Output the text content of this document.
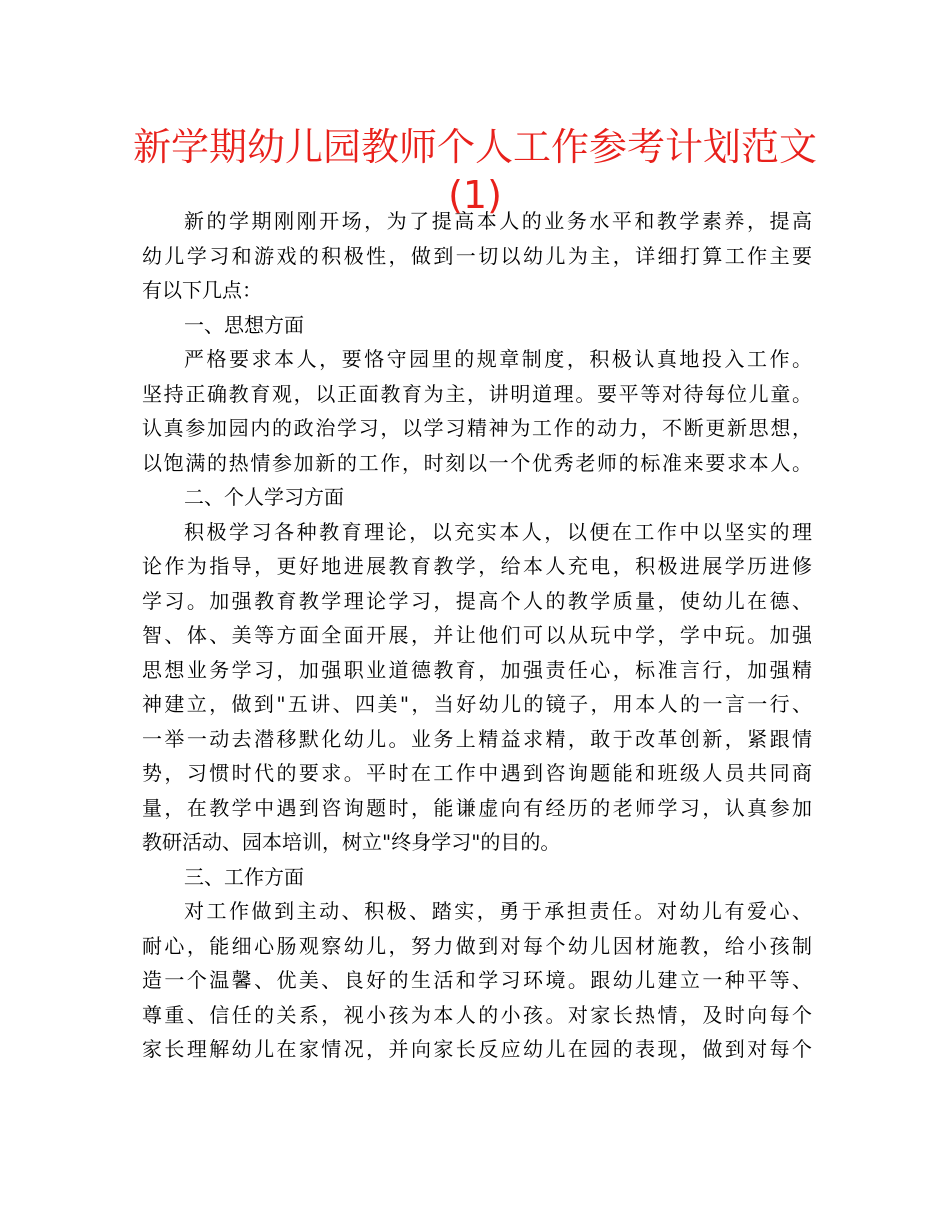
新学期幼儿园教师个人工作参考计划范文
(1)
新的学期刚刚开场，为了提高本人的业务水平和教学素养，提高
幼儿学习和游戏的积极性，做到一切以幼儿为主，详细打算工作主要
有以下几点：
一、思想方面
严格要求本人，要恪守园里的规章制度，积极认真地投入工作。
坚持正确教育观，以正面教育为主，讲明道理。要平等对待每位儿童。
认真参加园内的政治学习，以学习精神为工作的动力，不断更新思想，
以饱满的热情参加新的工作，时刻以一个优秀老师的标准来要求本人。
二、个人学习方面
积极学习各种教育理论，以充实本人，以便在工作中以坚实的理
论作为指导，更好地进展教育教学，给本人充电，积极进展学历进修
学习。加强教育教学理论学习，提高个人的教学质量，使幼儿在德、
智、体、美等方面全面开展，并让他们可以从玩中学，学中玩。加强
思想业务学习，加强职业道德教育，加强责任心，标准言行，加强精
神建立，做到"五讲、四美"，当好幼儿的镜子，用本人的一言一行、
一举一动去潜移默化幼儿。业务上精益求精，敢于改革创新，紧跟情
势，习惯时代的要求。平时在工作中遇到咨询题能和班级人员共同商
量，在教学中遇到咨询题时，能谦虚向有经历的老师学习，认真参加
教研活动、园本培训，树立"终身学习"的目的。
三、工作方面
对工作做到主动、积极、踏实，勇于承担责任。对幼儿有爱心、
耐心，能细心肠观察幼儿，努力做到对每个幼儿因材施教，给小孩制
造一个温馨、优美、良好的生活和学习环境。跟幼儿建立一种平等、
尊重、信任的关系，视小孩为本人的小孩。对家长热情，及时向每个
家长理解幼儿在家情况，并向家长反应幼儿在园的表现，做到对每个
